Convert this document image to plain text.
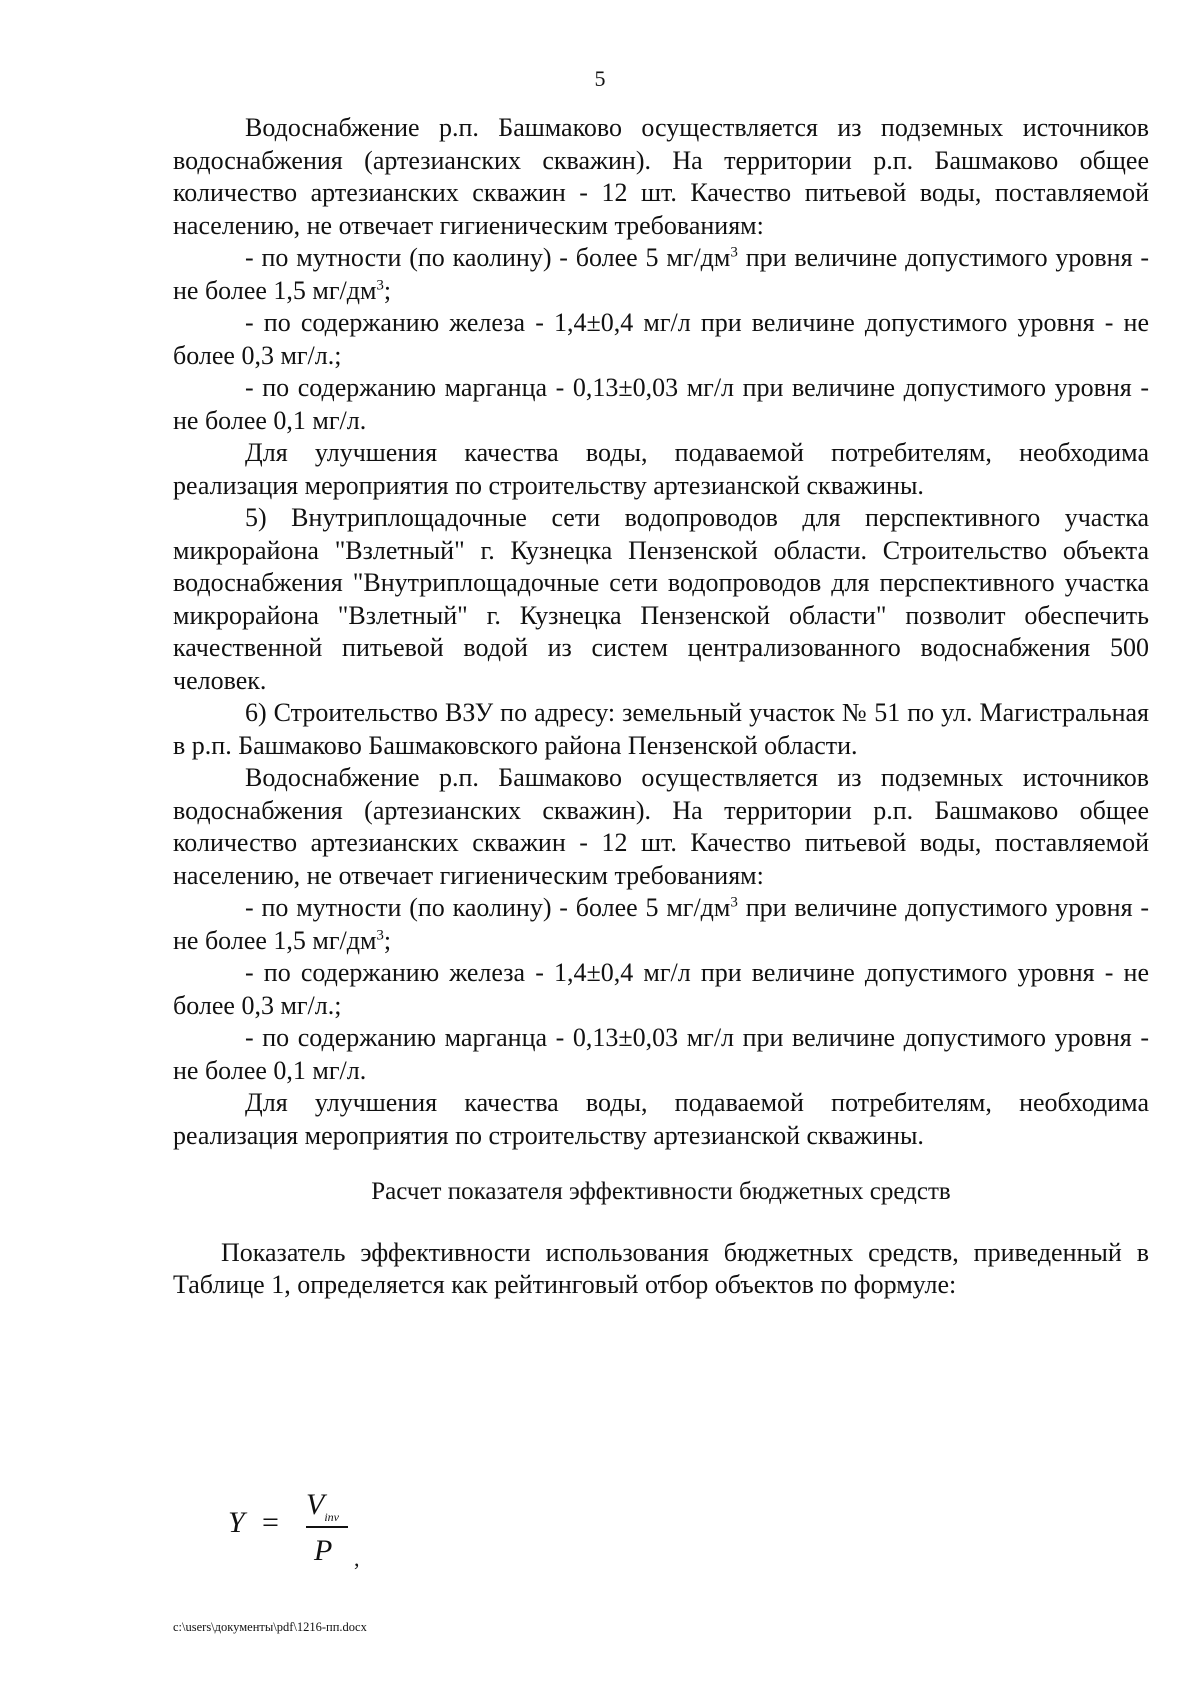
5

Водоснабжение р.п. Башмаково осуществляется из подземных источников водоснабжения (артезианских скважин). На территории р.п. Башмаково общее количество артезианских скважин - 12 шт. Качество питьевой воды, поставляемой населению, не отвечает гигиеническим требованиям:

- по мутности (по каолину) - более 5 $мг/дм^3$ при величине допустимого уровня - не более 1,5 $мг/дм^3$;

- по содержанию железа - 1,4±0,4 мг/л при величине допустимого уровня - не более 0,3 мг/л.;

- по содержанию марганца - 0,13±0,03 мг/л при величине допустимого уровня - не более 0,1 мг/л.

Для улучшения качества воды, подаваемой потребителям, необходима реализация мероприятия по строительству артезианской скважины.

5) Внутриплощадочные сети водопроводов для перспективного участка микрорайона "Взлетный" г. Кузнецка Пензенской области. Строительство объекта водоснабжения "Внутриплощадочные сети водопроводов для перспективного участка микрорайона "Взлетный" г. Кузнецка Пензенской области" позволит обеспечить качественной питьевой водой из систем централизованного водоснабжения 500 человек.

6) Строительство ВЗУ по адресу: земельный участок № 51 по ул. Магистральная в р.п. Башмаково Башмаковского района Пензенской области.

Водоснабжение р.п. Башмаково осуществляется из подземных источников водоснабжения (артезианских скважин). На территории р.п. Башмаково общее количество артезианских скважин - 12 шт. Качество питьевой воды, поставляемой населению, не отвечает гигиеническим требованиям:

- по мутности (по каолину) - более 5 $мг/дм^3$ при величине допустимого уровня - не более 1,5 $мг/дм^3$;

- по содержанию железа - 1,4±0,4 мг/л при величине допустимого уровня - не более 0,3 мг/л.;

- по содержанию марганца - 0,13±0,03 мг/л при величине допустимого уровня - не более 0,1 мг/л.

Для улучшения качества воды, подаваемой потребителям, необходима реализация мероприятия по строительству артезианской скважины.

Расчет показателя эффективности бюджетных средств

Показатель эффективности использования бюджетных средств, приведенный в Таблице 1, определяется как рейтинговый отбор объектов по формуле:

Y =
$V_{inv}$
P ,
c:\users\документы\pdf\1216-пп.docx
